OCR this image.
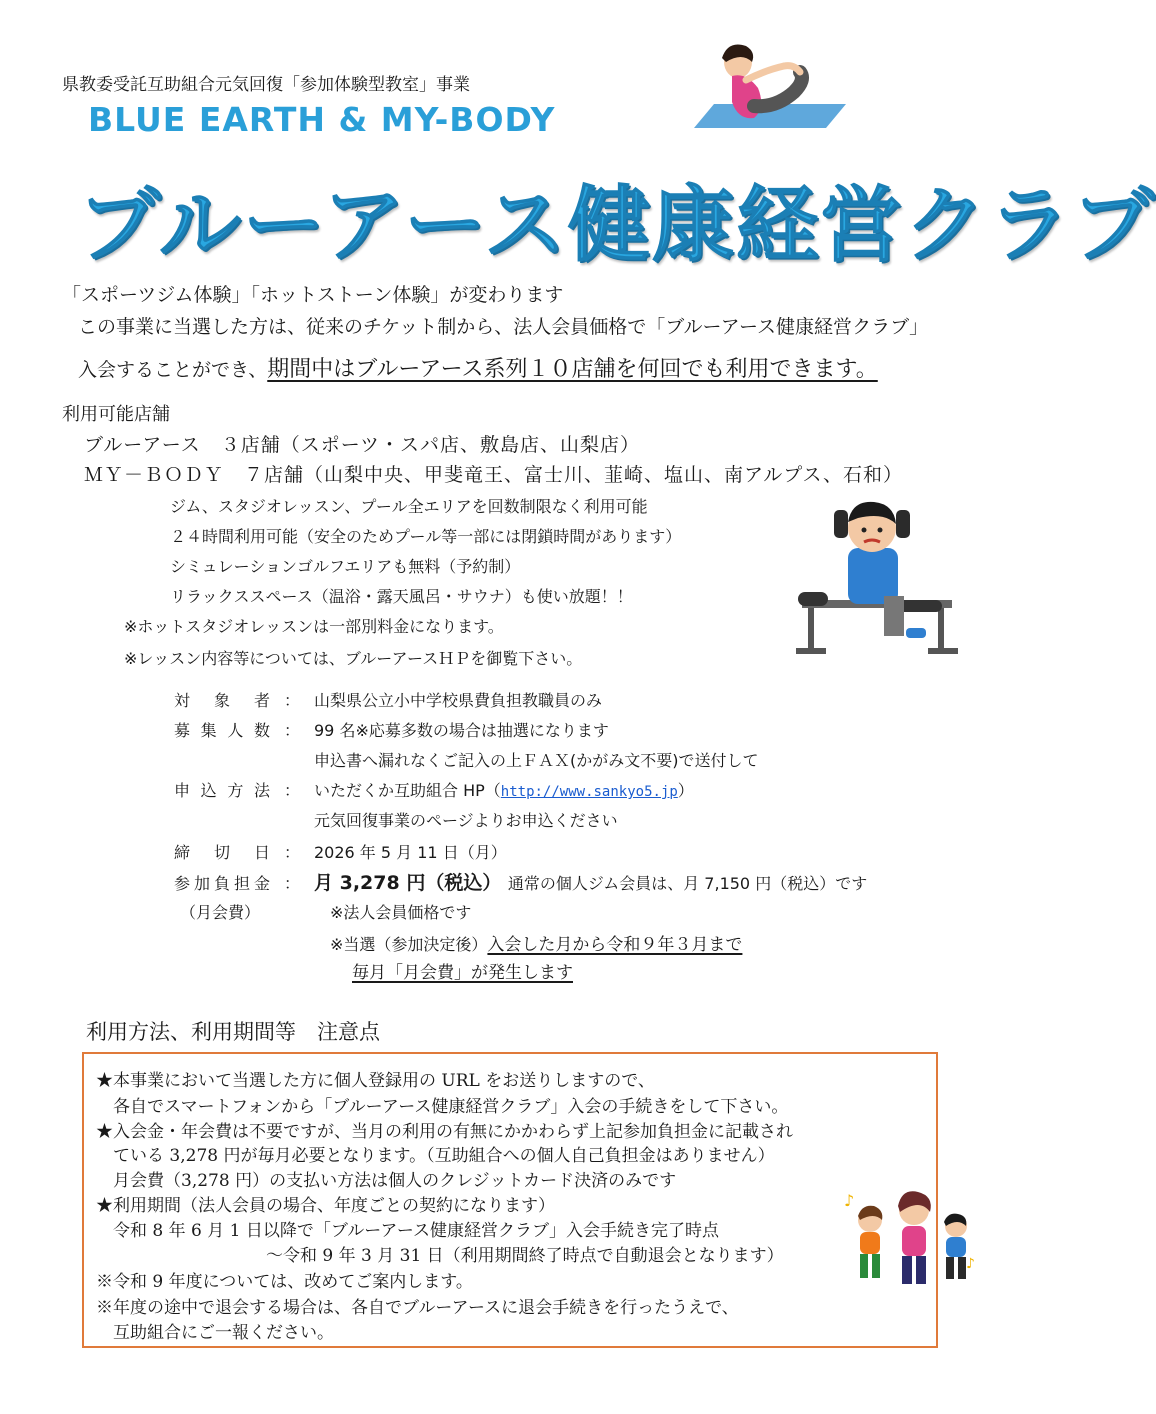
県教委受託互助組合元気回復「参加体験型教室」事業
BLUE EARTH & MY-BODY
ブルーアース健康経営クラブ
「スポーツジム体験」「ホットストーン体験」が変わります
この事業に当選した方は、従来のチケット制から、法人会員価格で「ブルーアース健康経営クラブ」
入会することができ、期間中はブルーアース系列１０店舗を何回でも利用できます。
利用可能店舗
ブルーアース　３店舗（スポーツ・スパ店、敷島店、山梨店）
ＭＹ－ＢＯＤＹ　７店舗（山梨中央、甲斐竜王、富士川、韮崎、塩山、南アルプス、石和）
ジム、スタジオレッスン、プール全エリアを回数制限なく利用可能
２４時間利用可能（安全のためプール等一部には閉鎖時間があります）
シミュレーションゴルフエリアも無料（予約制）
リラックススペース（温浴・露天風呂・サウナ）も使い放題！！
※ホットスタジオレッスンは一部別料金になります。
※レッスン内容等については、ブルーアースＨＰを御覧下さい。
対象者 ： 山梨県公立小中学校県費負担教職員のみ
募集人数 ： 99 名※応募多数の場合は抽選になります
申込書へ漏れなくご記入の上ＦＡＸ(かがみ文不要)で送付して
申込方法 ： いただくか互助組合 HP（http://www.sankyo5.jp）
元気回復事業のページよりお申込ください
締切日 ： 2026 年 5 月 11 日（月）
参加負担金 ： 月 3,278 円（税込）　 通常の個人ジム会員は、月 7,150 円（税込）です
（月会費）	※法人会員価格です
※当選（参加決定後）入会した月から令和９年３月まで
毎月「月会費」が発生します
利用方法、利用期間等　注意点
★本事業において当選した方に個人登録用の URL をお送りしますので、
　各自でスマートフォンから「ブルーアース健康経営クラブ」入会の手続きをして下さい。
★入会金・年会費は不要ですが、当月の利用の有無にかかわらず上記参加負担金に記載され
　ている 3,278 円が毎月必要となります。（互助組合への個人自己負担金はありません）
　月会費（3,278 円）の支払い方法は個人のクレジットカード決済のみです
★利用期間（法人会員の場合、年度ごとの契約になります）
　令和 8 年 6 月 1 日以降で「ブルーアース健康経営クラブ」入会手続き完了時点
　　　　　　　　　　～令和 9 年 3 月 31 日（利用期間終了時点で自動退会となります）
※令和 9 年度については、改めてご案内します。
※年度の途中で退会する場合は、各自でブルーアースに退会手続きを行ったうえで、
　互助組合にご一報ください。
♪
♪
